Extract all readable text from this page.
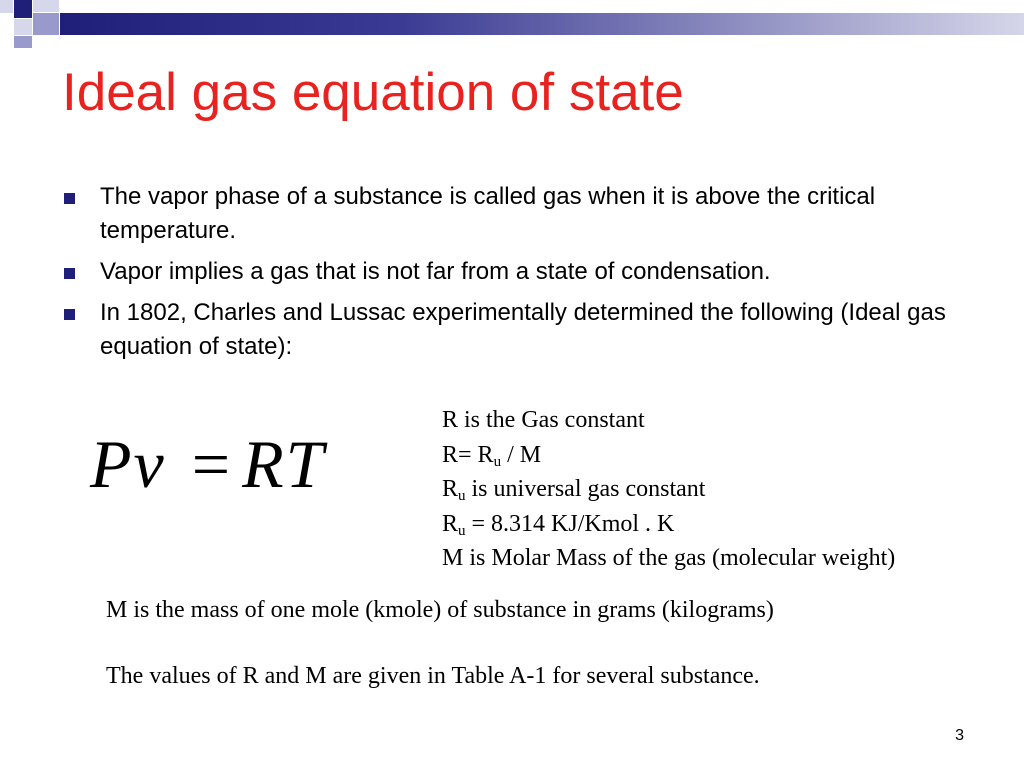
Ideal gas equation of state
The vapor phase of a substance is called gas when it is above the critical temperature.
Vapor implies a gas that is not far from a state of condensation.
In 1802, Charles and Lussac experimentally determined the following (Ideal gas equation of state):
Pv = RT
R is the Gas constant
$R= R_u / M$
$R_u$ is universal gas constant
$R_u = 8.314$ KJ/Kmol . K
M is Molar Mass of the gas (molecular weight)
M is the mass of one mole (kmole) of substance in grams (kilograms)
The values of R and M are given in Table A-1 for several substance.
3
